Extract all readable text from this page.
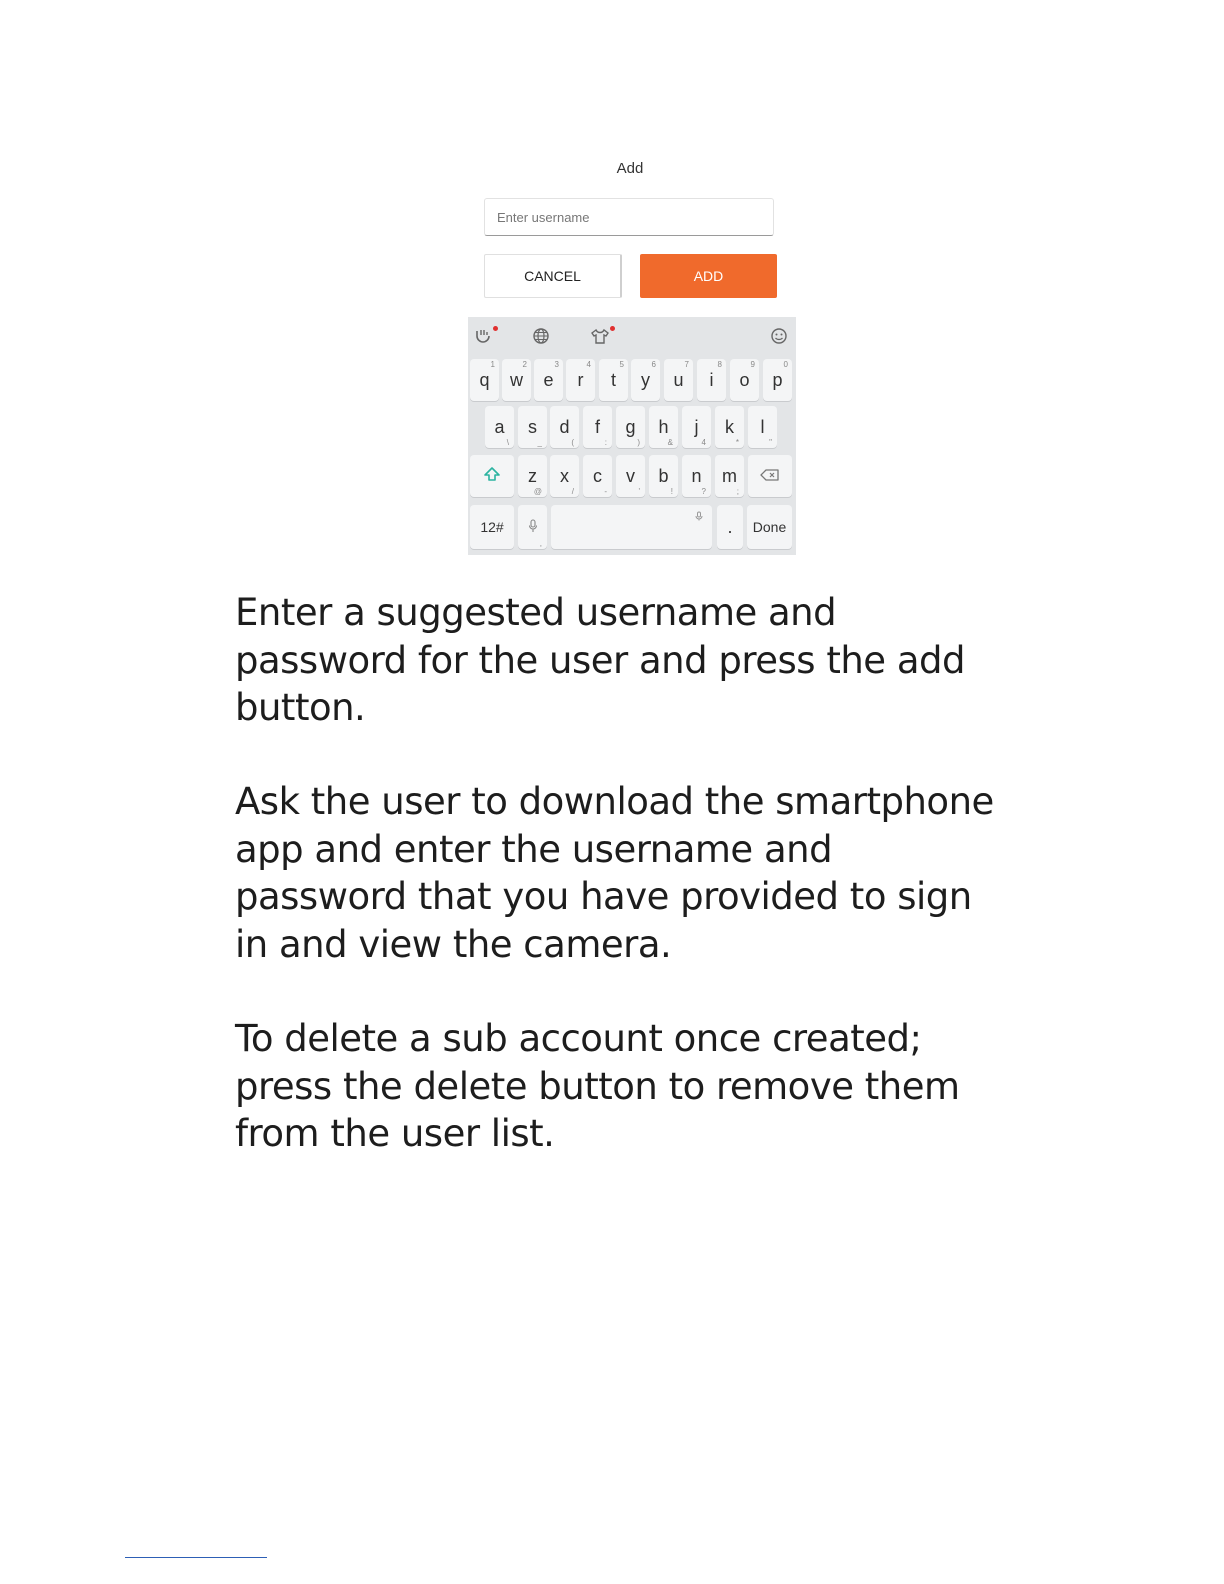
Add
Enter username
CANCEL	ADD
q
1
w
2
e
3
r
4
t
5
y
6
u
7
i
8
o
9
p
0
a
\
s
_
d
(
f
:
g
)
h
&
j
4
k
*
l
"
z
@
x
/
c
-
v
'
b
!
n
?
m
;
12#
,
.	Done

Enter a suggested username and password for the user and press the add button.

Ask the user to download the smartphone app and enter the username and password that you have provided to sign in and view the camera.

To delete a sub account once created; press the delete button to remove them from the user list.
